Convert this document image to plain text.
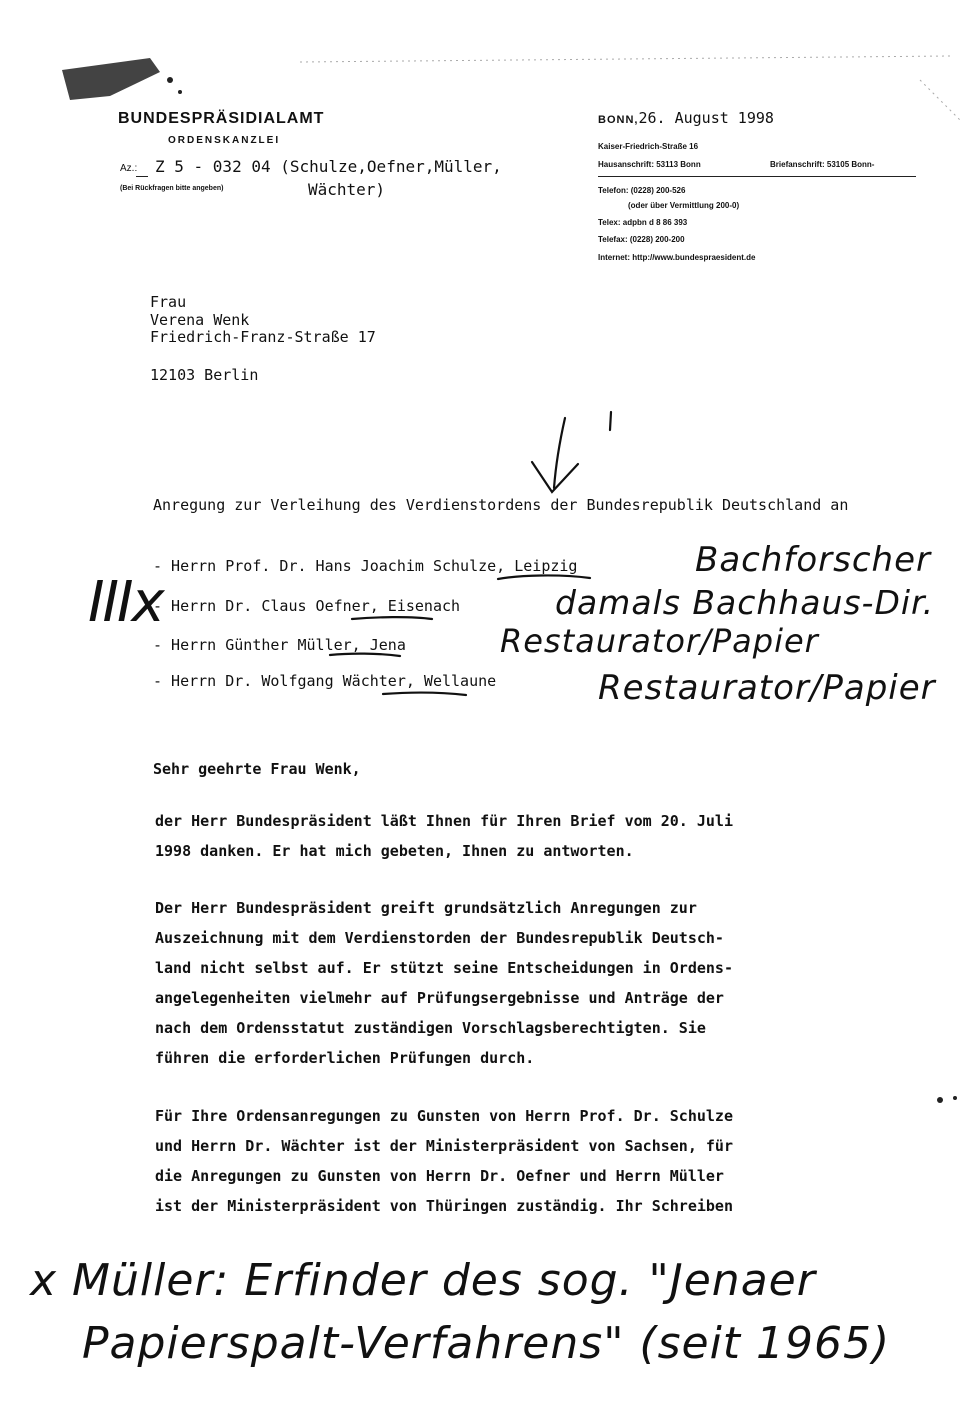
BUNDESPRÄSIDIALAMT
ORDENSKANZLEI
Az.: Z 5 - 032 04 (Schulze,Oefner,Müller,
(Bei Rückfragen bitte angeben)	Wächter)
BONN,26. August 1998
Kaiser-Friedrich-Straße 16
Hausanschrift: 53113 Bonn	Briefanschrift: 53105 Bonn-
Telefon: (0228) 200-526
(oder über Vermittlung 200-0)
Telex: adpbn d 8 86 393
Telefax: (0228) 200-200
Internet: http://www.bundespraesident.de
Frau
Verena Wenk
Friedrich-Franz-Straße 17
12103 Berlin
Anregung zur Verleihung des Verdienstordens der Bundesrepublik Deutschland an
- Herrn Prof. Dr. Hans Joachim Schulze, Leipzig
- Herrn Dr. Claus Oefner, Eisenach
- Herrn Günther Müller, Jena
- Herrn Dr. Wolfgang Wächter, Wellaune
Bachforscher
damals Bachhaus-Dir.
Restaurator/Papier
Restaurator/Papier
IIIx
Sehr geehrte Frau Wenk,
der Herr Bundespräsident läßt Ihnen für Ihren Brief vom 20. Juli
1998 danken. Er hat mich gebeten, Ihnen zu antworten.
Der Herr Bundespräsident greift grundsätzlich Anregungen zur
Auszeichnung mit dem Verdienstorden der Bundesrepublik Deutsch-
land nicht selbst auf. Er stützt seine Entscheidungen in Ordens-
angelegenheiten vielmehr auf Prüfungsergebnisse und Anträge der
nach dem Ordensstatut zuständigen Vorschlagsberechtigten. Sie
führen die erforderlichen Prüfungen durch.
Für Ihre Ordensanregungen zu Gunsten von Herrn Prof. Dr. Schulze
und Herrn Dr. Wächter ist der Ministerpräsident von Sachsen, für
die Anregungen zu Gunsten von Herrn Dr. Oefner und Herrn Müller
ist der Ministerpräsident von Thüringen zuständig. Ihr Schreiben
x Müller: Erfinder des sog. "Jenaer
Papierspalt-Verfahrens" (seit 1965)
